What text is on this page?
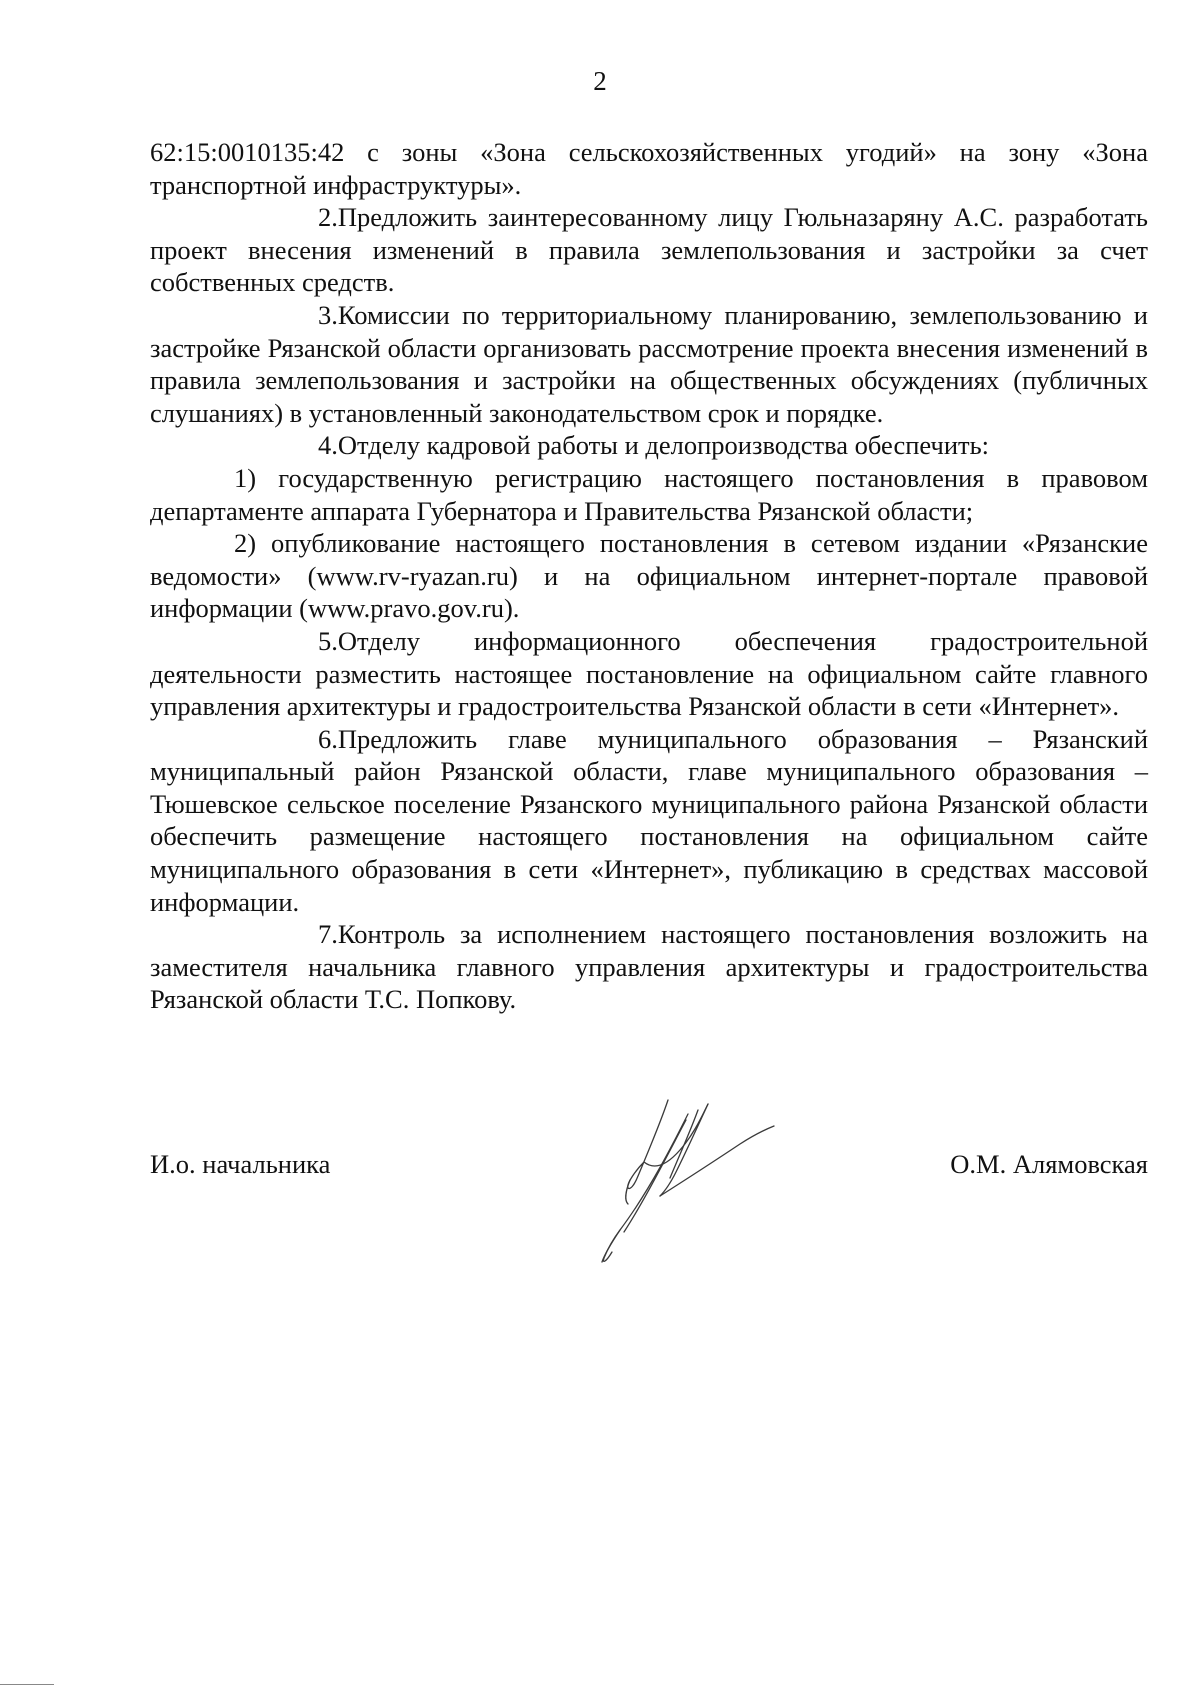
2

62:15:0010135:42 с зоны «Зона сельскохозяйственных угодий» на зону «Зона транспортной инфраструктуры».

2.Предложить заинтересованному лицу Гюльназаряну А.С. разработать проект внесения изменений в правила землепользования и застройки за счет собственных средств.

3.Комиссии по территориальному планированию, землепользованию и застройке Рязанской области организовать рассмотрение проекта внесения изменений в правила землепользования и застройки на общественных обсуждениях (публичных слушаниях) в установленный законодательством срок и порядке.

4.Отделу кадровой работы и делопроизводства обеспечить:

1) государственную регистрацию настоящего постановления в правовом департаменте аппарата Губернатора и Правительства Рязанской области;

2) опубликование настоящего постановления в сетевом издании «Рязанские ведомости» (www.rv-ryazan.ru) и на официальном интернет-портале правовой информации (www.pravo.gov.ru).

5.Отделу информационного обеспечения градостроительной деятельности разместить настоящее постановление на официальном сайте главного управления архитектуры и градостроительства Рязанской области в сети «Интернет».

6.Предложить главе муниципального образования – Рязанский муниципальный район Рязанской области, главе муниципального образования – Тюшевское сельское поселение Рязанского муниципального района Рязанской области обеспечить размещение настоящего постановления на официальном сайте муниципального образования в сети «Интернет», публикацию в средствах массовой информации.

7.Контроль за исполнением настоящего постановления возложить на заместителя начальника главного управления архитектуры и градостроительства Рязанской области Т.С. Попкову.

И.о. начальника	О.М. Алямовская
